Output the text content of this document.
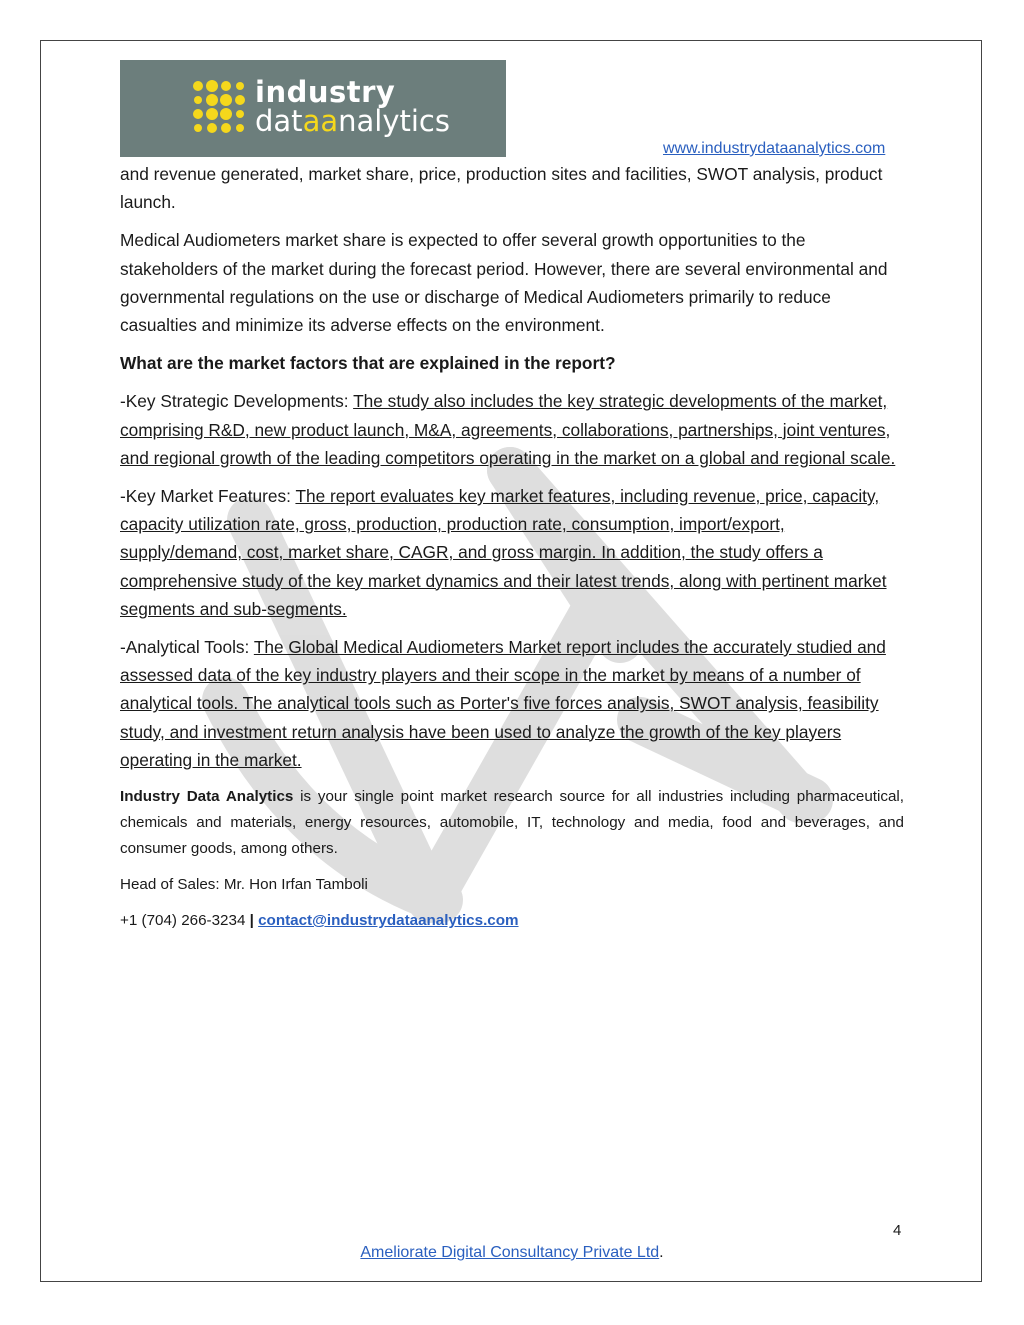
industry
dataanalytics
www.industrydataanalytics.com

and revenue generated, market share, price, production sites and facilities, SWOT analysis, product launch.

Medical Audiometers market share is expected to offer several growth opportunities to the stakeholders of the market during the forecast period. However, there are several environmental and governmental regulations on the use or discharge of Medical Audiometers primarily to reduce casualties and minimize its adverse effects on the environment.

What are the market factors that are explained in the report?

-Key Strategic Developments: The study also includes the key strategic developments of the market, comprising R&D, new product launch, M&A, agreements, collaborations, partnerships, joint ventures, and regional growth of the leading competitors operating in the market on a global and regional scale.

-Key Market Features: The report evaluates key market features, including revenue, price, capacity, capacity utilization rate, gross, production, production rate, consumption, import/export, supply/demand, cost, market share, CAGR, and gross margin. In addition, the study offers a comprehensive study of the key market dynamics and their latest trends, along with pertinent market segments and sub-segments.

-Analytical Tools: The Global Medical Audiometers Market report includes the accurately studied and assessed data of the key industry players and their scope in the market by means of a number of analytical tools. The analytical tools such as Porter's five forces analysis, SWOT analysis, feasibility study, and investment return analysis have been used to analyze the growth of the key players operating in the market.

Industry Data Analytics is your single point market research source for all industries including pharmaceutical, chemicals and materials, energy resources, automobile, IT, technology and media, food and beverages, and consumer goods, among others.

Head of Sales: Mr. Hon Irfan Tamboli

+1 (704) 266-3234 | contact@industrydataanalytics.com

4
Ameliorate Digital Consultancy Private Ltd.
